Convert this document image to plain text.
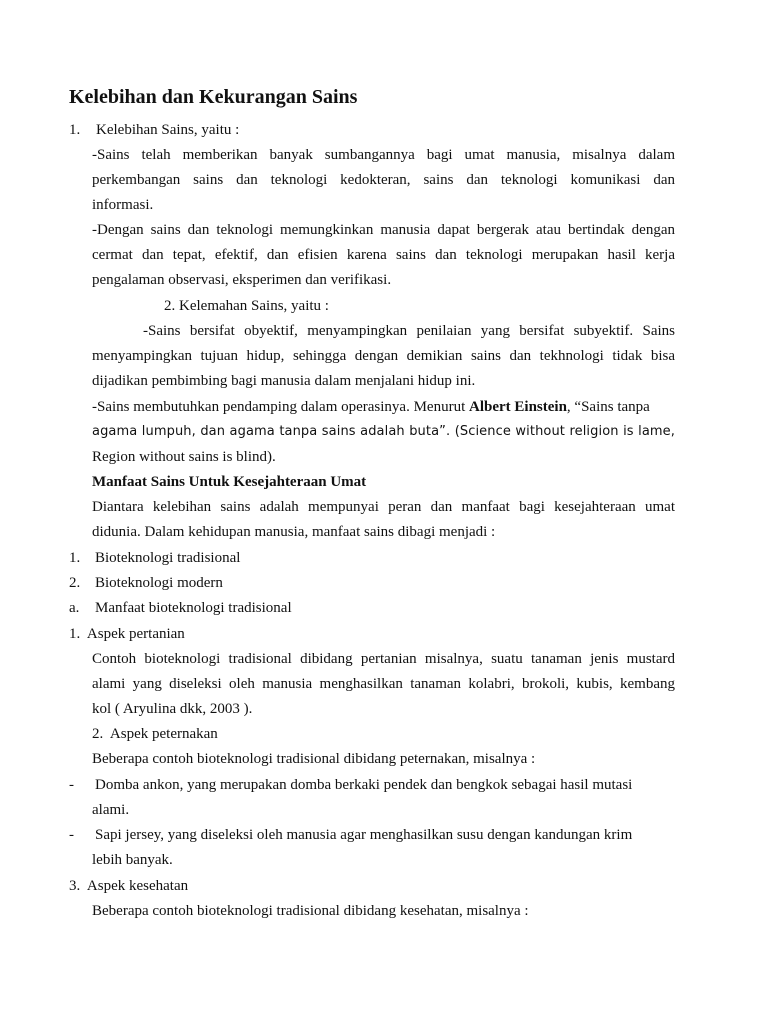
Kelebihan dan Kekurangan Sains
1. Kelebihan Sains, yaitu :
-Sains telah memberikan banyak sumbangannya bagi umat manusia, misalnya dalam
perkembangan sains dan teknologi kedokteran, sains dan teknologi komunikasi dan
informasi.
-Dengan sains dan teknologi memungkinkan manusia dapat bergerak atau bertindak dengan
cermat dan tepat, efektif, dan efisien karena sains dan teknologi merupakan hasil kerja
pengalaman observasi, eksperimen dan verifikasi.
2. Kelemahan Sains, yaitu :
-Sains bersifat obyektif, menyampingkan penilaian yang bersifat subyektif. Sains
menyampingkan tujuan hidup, sehingga dengan demikian sains dan tekhnologi tidak bisa
dijadikan pembimbing bagi manusia dalam menjalani hidup ini.
-Sains membutuhkan pendamping dalam operasinya. Menurut Albert Einstein, “Sains tanpa
agama lumpuh, dan agama tanpa sains adalah buta”. (Science without religion is lame,
Region without sains is blind).
Manfaat Sains Untuk Kesejahteraan Umat
Diantara kelebihan sains adalah mempunyai peran dan manfaat bagi kesejahteraan umat
didunia. Dalam kehidupan manusia, manfaat sains dibagi menjadi :
1. Bioteknologi tradisional
2. Bioteknologi modern
a. Manfaat bioteknologi tradisional
1.  Aspek pertanian
Contoh bioteknologi tradisional dibidang pertanian misalnya, suatu tanaman jenis mustard
alami yang diseleksi oleh manusia menghasilkan tanaman kolabri, brokoli, kubis, kembang
kol ( Aryulina dkk, 2003 ).
2.  Aspek peternakan
Beberapa contoh bioteknologi tradisional dibidang peternakan, misalnya :
- Domba ankon, yang merupakan domba berkaki pendek dan bengkok sebagai hasil mutasi
alami.
- Sapi jersey, yang diseleksi oleh manusia agar menghasilkan susu dengan kandungan krim
lebih banyak.
3.  Aspek kesehatan
Beberapa contoh bioteknologi tradisional dibidang kesehatan, misalnya :
